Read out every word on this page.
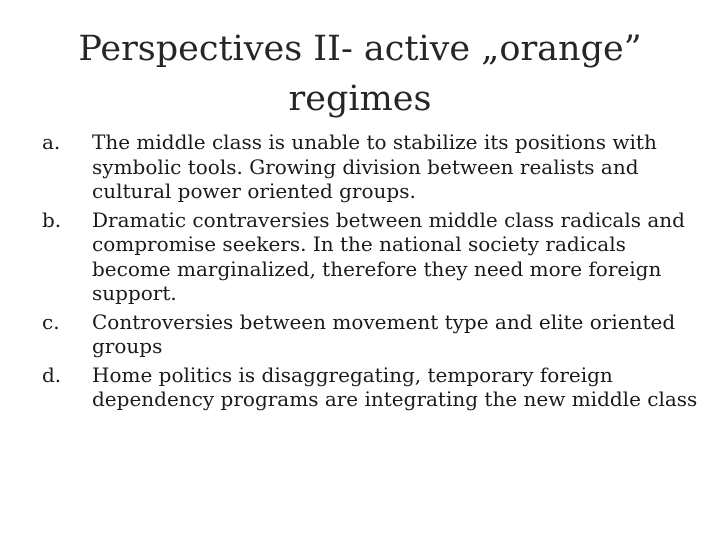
Perspectives II- active „orange”
regimes
a.	The middle class is unable to stabilize its positions with symbolic tools. Growing division between realists and cultural power oriented groups.
b.	Dramatic contraversies between middle class radicals and compromise seekers. In the national society radicals become marginalized, therefore they need more foreign support.
c.	Controversies between movement type and elite oriented groups
d.	Home politics is disaggregating, temporary foreign dependency programs are integrating the new middle class
